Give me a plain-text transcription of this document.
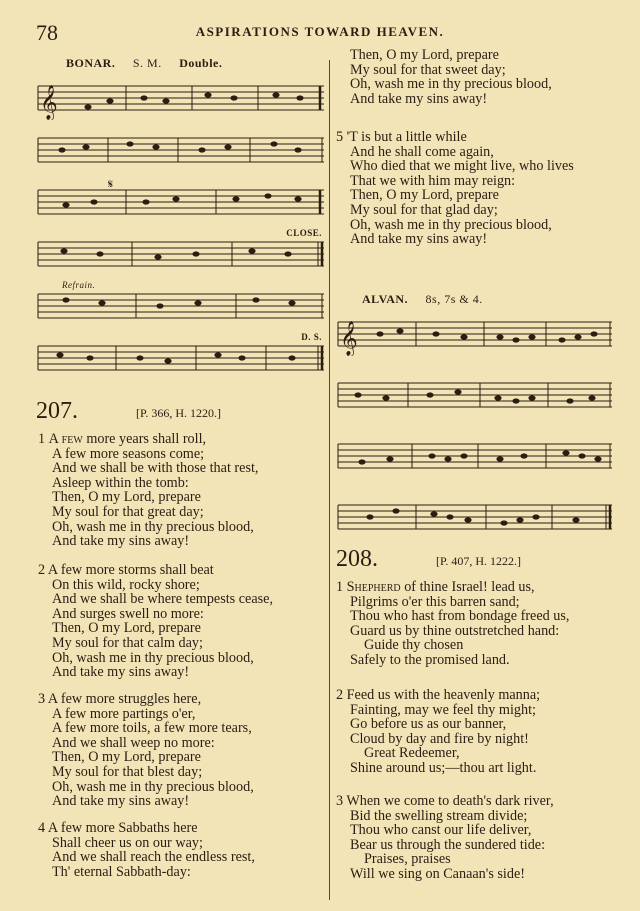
78	ASPIRATIONS TOWARD HEAVEN.
BONAR. S. M. Double.
𝄞
𝄋
CLOSE.
Refrain.
D. S.
207.	[P. 366, H. 1220.]
1 A few more years shall roll,
A few more seasons come;
And we shall be with those that rest,
Asleep within the tomb:
Then, O my Lord, prepare
My soul for that great day;
Oh, wash me in thy precious blood,
And take my sins away!
2 A few more storms shall beat
On this wild, rocky shore;
And we shall be where tempests cease,
And surges swell no more:
Then, O my Lord, prepare
My soul for that calm day;
Oh, wash me in thy precious blood,
And take my sins away!
3 A few more struggles here,
A few more partings o'er,
A few more toils, a few more tears,
And we shall weep no more:
Then, O my Lord, prepare
My soul for that blest day;
Oh, wash me in thy precious blood,
And take my sins away!
4 A few more Sabbaths here
Shall cheer us on our way;
And we shall reach the endless rest,
Th' eternal Sabbath-day:
Then, O my Lord, prepare
My soul for that sweet day;
Oh, wash me in thy precious blood,
And take my sins away!
5 'T is but a little while
And he shall come again,
Who died that we might live, who lives
That we with him may reign:
Then, O my Lord, prepare
My soul for that glad day;
Oh, wash me in thy precious blood,
And take my sins away!
ALVAN. 8s, 7s & 4.
𝄞

208.	[P. 407, H. 1222.]
1 Shepherd of thine Israel! lead us,
Pilgrims o'er this barren sand;
Thou who hast from bondage freed us,
Guard us by thine outstretched hand:
Guide thy chosen
Safely to the promised land.
2 Feed us with the heavenly manna;
Fainting, may we feel thy might;
Go before us as our banner,
Cloud by day and fire by night!
Great Redeemer,
Shine around us;—thou art light.
3 When we come to death's dark river,
Bid the swelling stream divide;
Thou who canst our life deliver,
Bear us through the sundered tide:
Praises, praises
Will we sing on Canaan's side!
